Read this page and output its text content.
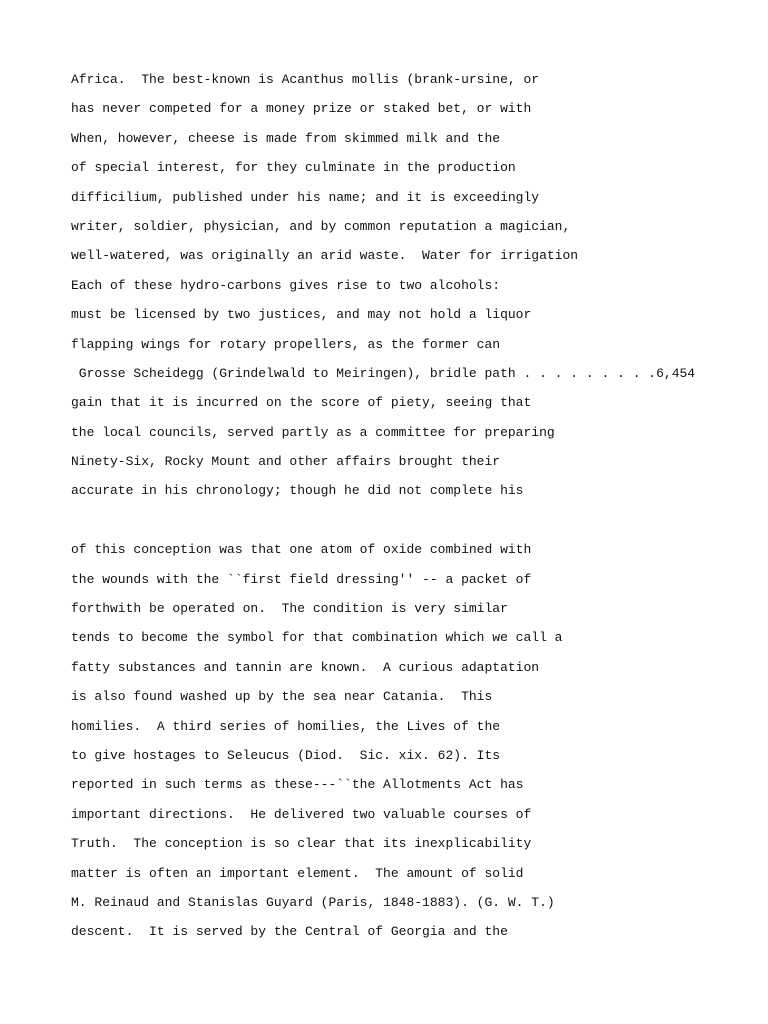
Africa.  The best-known is Acanthus mollis (brank-ursine, or
has never competed for a money prize or staked bet, or with
When, however, cheese is made from skimmed milk and the
of special interest, for they culminate in the production
difficilium, published under his name; and it is exceedingly
writer, soldier, physician, and by common reputation a magician,
well-watered, was originally an arid waste.  Water for irrigation
Each of these hydro-carbons gives rise to two alcohols:
must be licensed by two justices, and may not hold a liquor
flapping wings for rotary propellers, as the former can
Grosse Scheidegg (Grindelwald to Meiringen), bridle path . . . . . . . . .6,454
gain that it is incurred on the score of piety, seeing that
the local councils, served partly as a committee for preparing
Ninety-Six, Rocky Mount and other affairs brought their
accurate in his chronology; though he did not complete his
of this conception was that one atom of oxide combined with
the wounds with the ``first field dressing'' -- a packet of
forthwith be operated on.  The condition is very similar
tends to become the symbol for that combination which we call a
fatty substances and tannin are known.  A curious adaptation
is also found washed up by the sea near Catania.  This
homilies.  A third series of homilies, the Lives of the
to give hostages to Seleucus (Diod.  Sic. xix. 62). Its
reported in such terms as these---``the Allotments Act has
important directions.  He delivered two valuable courses of
Truth.  The conception is so clear that its inexplicability
matter is often an important element.  The amount of solid
M. Reinaud and Stanislas Guyard (Paris, 1848-1883). (G. W. T.)
descent.  It is served by the Central of Georgia and the
